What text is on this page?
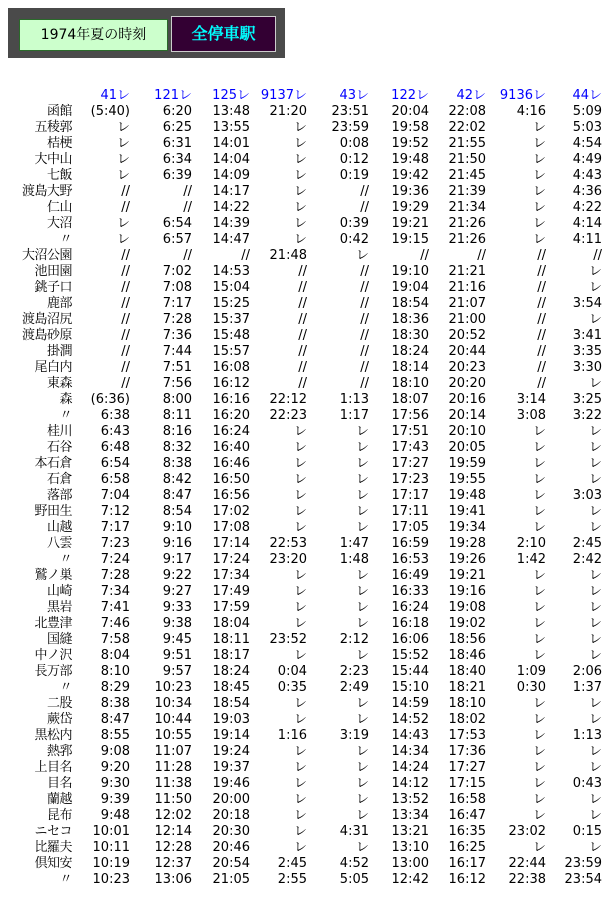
1974年夏の時刻	全停車駅
	41レ	121レ	125レ	9137レ	43レ	122レ	42レ	9136レ	44レ
函館	(5:40)	6:20	13:48	21:20	23:51	20:04	22:08	4:16	5:09
五稜郭	レ	6:25	13:55	レ	23:59	19:58	22:02	レ	5:03
桔梗	レ	6:31	14:01	レ	0:08	19:52	21:55	レ	4:54
大中山	レ	6:34	14:04	レ	0:12	19:48	21:50	レ	4:49
七飯	レ	6:39	14:09	レ	0:19	19:42	21:45	レ	4:43
渡島大野	//	//	14:17	レ	//	19:36	21:39	レ	4:36
仁山	//	//	14:22	レ	//	19:29	21:34	レ	4:22
大沼	レ	6:54	14:39	レ	0:39	19:21	21:26	レ	4:14
〃	レ	6:57	14:47	レ	0:42	19:15	21:26	レ	4:11
大沼公園	//	//	//	21:48	レ	//	//	//	//
池田園	//	7:02	14:53	//	//	19:10	21:21	//	レ
銚子口	//	7:08	15:04	//	//	19:04	21:16	//	レ
鹿部	//	7:17	15:25	//	//	18:54	21:07	//	3:54
渡島沼尻	//	7:28	15:37	//	//	18:36	21:00	//	レ
渡島砂原	//	7:36	15:48	//	//	18:30	20:52	//	3:41
掛澗	//	7:44	15:57	//	//	18:24	20:44	//	3:35
尾白内	//	7:51	16:08	//	//	18:14	20:23	//	3:30
東森	//	7:56	16:12	//	//	18:10	20:20	//	レ
森	(6:36)	8:00	16:16	22:12	1:13	18:07	20:16	3:14	3:25
〃	6:38	8:11	16:20	22:23	1:17	17:56	20:14	3:08	3:22
桂川	6:43	8:16	16:24	レ	レ	17:51	20:10	レ	レ
石谷	6:48	8:32	16:40	レ	レ	17:43	20:05	レ	レ
本石倉	6:54	8:38	16:46	レ	レ	17:27	19:59	レ	レ
石倉	6:58	8:42	16:50	レ	レ	17:23	19:55	レ	レ
落部	7:04	8:47	16:56	レ	レ	17:17	19:48	レ	3:03
野田生	7:12	8:54	17:02	レ	レ	17:11	19:41	レ	レ
山越	7:17	9:10	17:08	レ	レ	17:05	19:34	レ	レ
八雲	7:23	9:16	17:14	22:53	1:47	16:59	19:28	2:10	2:45
〃	7:24	9:17	17:24	23:20	1:48	16:53	19:26	1:42	2:42
鷲ノ巣	7:28	9:22	17:34	レ	レ	16:49	19:21	レ	レ
山崎	7:34	9:27	17:49	レ	レ	16:33	19:16	レ	レ
黒岩	7:41	9:33	17:59	レ	レ	16:24	19:08	レ	レ
北豊津	7:46	9:38	18:04	レ	レ	16:18	19:02	レ	レ
国縫	7:58	9:45	18:11	23:52	2:12	16:06	18:56	レ	レ
中ノ沢	8:04	9:51	18:17	レ	レ	15:52	18:46	レ	レ
長万部	8:10	9:57	18:24	0:04	2:23	15:44	18:40	1:09	2:06
〃	8:29	10:23	18:45	0:35	2:49	15:10	18:21	0:30	1:37
二股	8:38	10:34	18:54	レ	レ	14:59	18:10	レ	レ
蕨岱	8:47	10:44	19:03	レ	レ	14:52	18:02	レ	レ
黒松内	8:55	10:55	19:14	1:16	3:19	14:43	17:53	レ	1:13
熱郛	9:08	11:07	19:24	レ	レ	14:34	17:36	レ	レ
上目名	9:20	11:28	19:37	レ	レ	14:24	17:27	レ	レ
目名	9:30	11:38	19:46	レ	レ	14:12	17:15	レ	0:43
蘭越	9:39	11:50	20:00	レ	レ	13:52	16:58	レ	レ
昆布	9:48	12:02	20:18	レ	レ	13:34	16:47	レ	レ
ニセコ	10:01	12:14	20:30	レ	4:31	13:21	16:35	23:02	0:15
比羅夫	10:11	12:28	20:46	レ	レ	13:10	16:25	レ	レ
倶知安	10:19	12:37	20:54	2:45	4:52	13:00	16:17	22:44	23:59
〃	10:23	13:06	21:05	2:55	5:05	12:42	16:12	22:38	23:54
